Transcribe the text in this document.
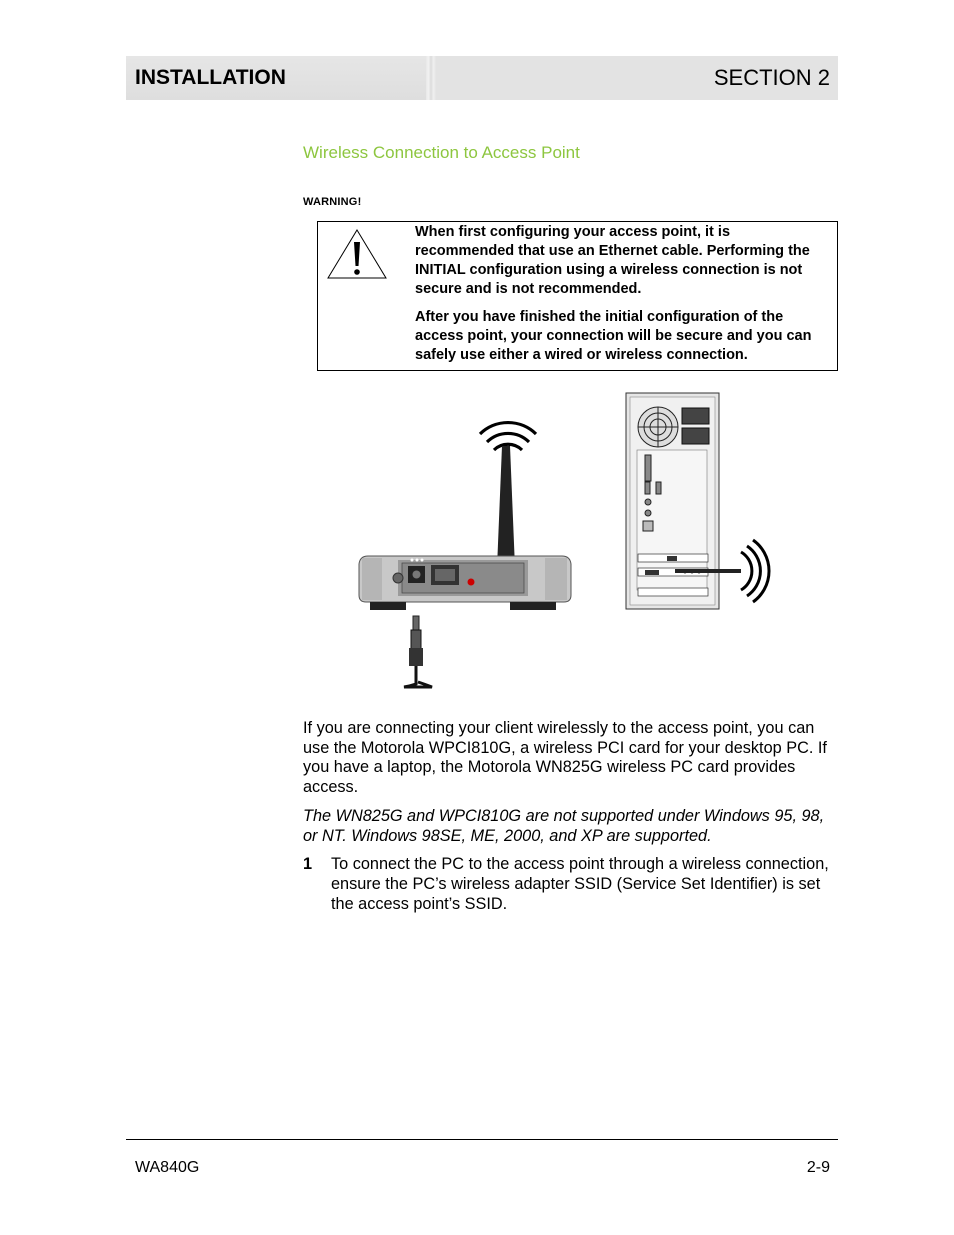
INSTALLATION	SECTION 2
Wireless Connection to Access Point
WARNING!

When first configuring your access point, it is recommended that use an Ethernet cable. Performing the INITIAL configuration using a wireless connection is not secure and is not recommended.

After you have finished the initial configuration of the access point, your connection will be secure and you can safely use either a wired or wireless connection.

If you are connecting your client wirelessly to the access point, you can use the Motorola WPCI810G, a wireless PCI card for your desktop PC. If you have a laptop, the Motorola WN825G wireless PC card provides access.

The WN825G and WPCI810G are not supported under Windows 95, 98, or NT. Windows 98SE, ME, 2000, and XP are supported.

1	To connect the PC to the access point through a wireless connection, ensure the PC’s wireless adapter SSID (Service Set Identifier) is set the access point’s SSID.
WA840G	2-9
